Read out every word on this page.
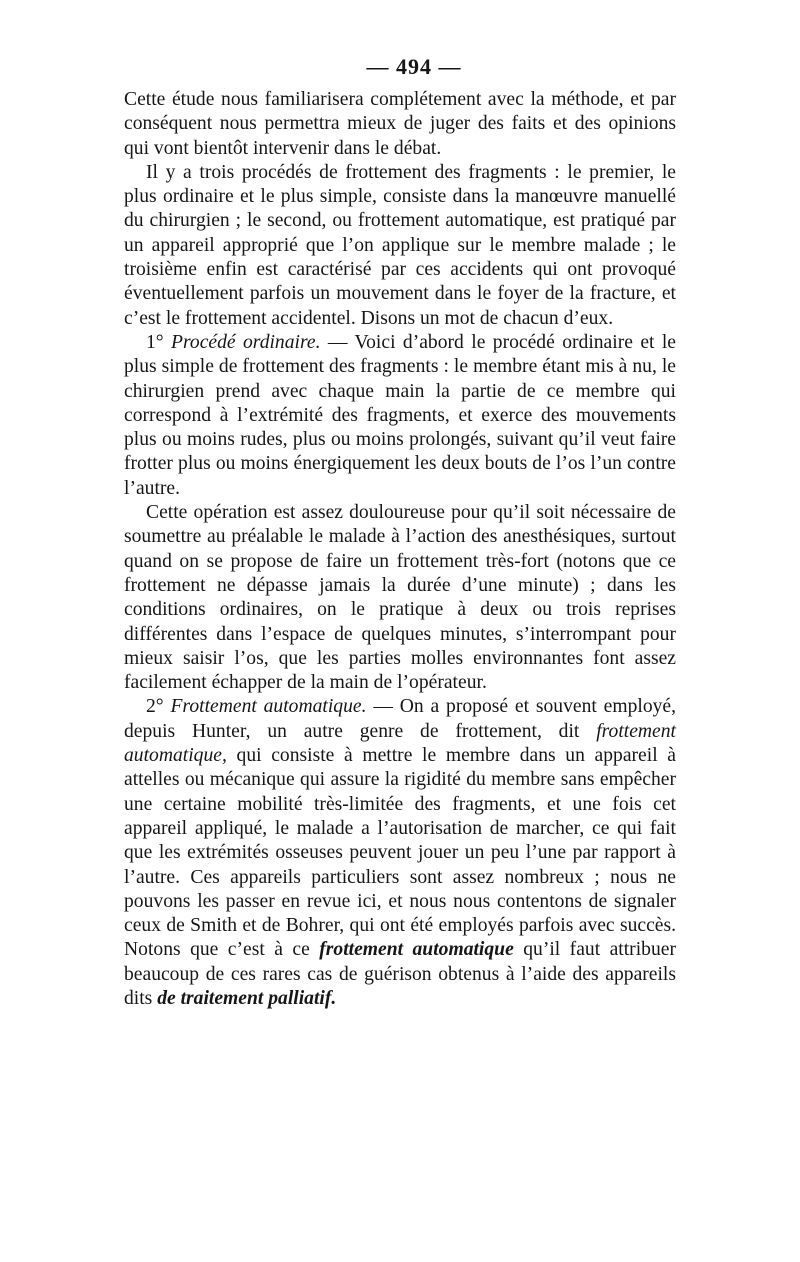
— 494 —

Cette étude nous familiarisera complétement avec la méthode, et par conséquent nous permettra mieux de juger des faits et des opinions qui vont bientôt intervenir dans le débat.

Il y a trois procédés de frottement des fragments : le premier, le plus ordinaire et le plus simple, consiste dans la manœuvre manuellé du chirurgien ; le second, ou frottement automatique, est pratiqué par un appareil approprié que l’on applique sur le membre malade ; le troisième enfin est caractérisé par ces accidents qui ont provoqué éventuellement parfois un mouvement dans le foyer de la fracture, et c’est le frottement accidentel. Disons un mot de chacun d’eux.

1° Procédé ordinaire. — Voici d’abord le procédé ordinaire et le plus simple de frottement des fragments : le membre étant mis à nu, le chirurgien prend avec chaque main la partie de ce membre qui correspond à l’extrémité des fragments, et exerce des mouvements plus ou moins rudes, plus ou moins prolongés, suivant qu’il veut faire frotter plus ou moins énergiquement les deux bouts de l’os l’un contre l’autre.

Cette opération est assez douloureuse pour qu’il soit nécessaire de soumettre au préalable le malade à l’action des anesthésiques, surtout quand on se propose de faire un frottement très-fort (notons que ce frottement ne dépasse jamais la durée d’une minute) ; dans les conditions ordinaires, on le pratique à deux ou trois reprises différentes dans l’espace de quelques minutes, s’interrompant pour mieux saisir l’os, que les parties molles environnantes font assez facilement échapper de la main de l’opérateur.

2° Frottement automatique. — On a proposé et souvent employé, depuis Hunter, un autre genre de frottement, dit frottement automatique, qui consiste à mettre le membre dans un appareil à attelles ou mécanique qui assure la rigidité du membre sans empêcher une certaine mobilité très-limitée des fragments, et une fois cet appareil appliqué, le malade a l’autorisation de marcher, ce qui fait que les extrémités osseuses peuvent jouer un peu l’une par rapport à l’autre. Ces appareils particuliers sont assez nombreux ; nous ne pouvons les passer en revue ici, et nous nous contentons de signaler ceux de Smith et de Bohrer, qui ont été employés parfois avec succès. Notons que c’est à ce frottement automatique qu’il faut attribuer beaucoup de ces rares cas de guérison obtenus à l’aide des appareils dits de traitement palliatif.
